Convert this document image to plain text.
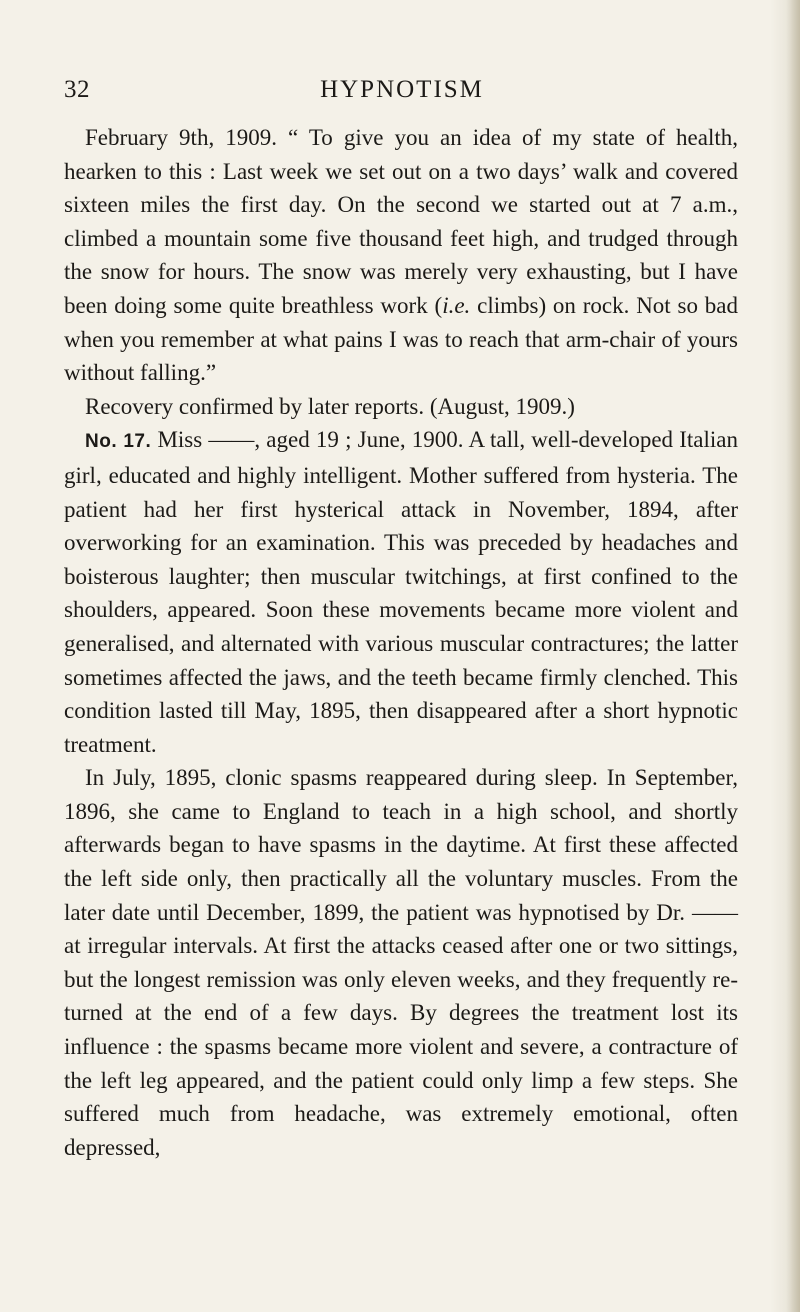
32	HYPNOTISM

February 9th, 1909. “ To give you an idea of my state of health, hearken to this : Last week we set out on a two days’ walk and covered sixteen miles the first day. On the second we started out at 7 a.m., climbed a mountain some five thousand feet high, and trudged through the snow for hours. The snow was merely very exhausting, but I have been doing some quite breathless work (i.e. climbs) on rock. Not so bad when you remember at what pains I was to reach that arm-chair of yours without falling.”

Recovery confirmed by later reports. (August, 1909.)

No. 17. Miss ——, aged 19 ; June, 1900. A tall, well-developed Italian girl, educated and highly intelligent. Mother suffered from hysteria. The patient had her first hysterical attack in November, 1894, after overworking for an examination. This was preceded by headaches and boisterous laughter; then muscular twitchings, at first confined to the shoulders, appeared. Soon these movements became more violent and generalised, and alternated with various muscular contractures; the latter sometimes affected the jaws, and the teeth became firmly clenched. This condition lasted till May, 1895, then disappeared after a short hypnotic treatment.

In July, 1895, clonic spasms reappeared during sleep. In September, 1896, she came to England to teach in a high school, and shortly afterwards began to have spasms in the daytime. At first these affected the left side only, then practically all the voluntary muscles. From the later date until December, 1899, the patient was hypnotised by Dr. —— at irregular intervals. At first the attacks ceased after one or two sittings, but the longest remission was only eleven weeks, and they frequently re-turned at the end of a few days. By degrees the treatment lost its influence : the spasms became more violent and severe, a contracture of the left leg appeared, and the patient could only limp a few steps. She suffered much from headache, was extremely emotional, often depressed,
